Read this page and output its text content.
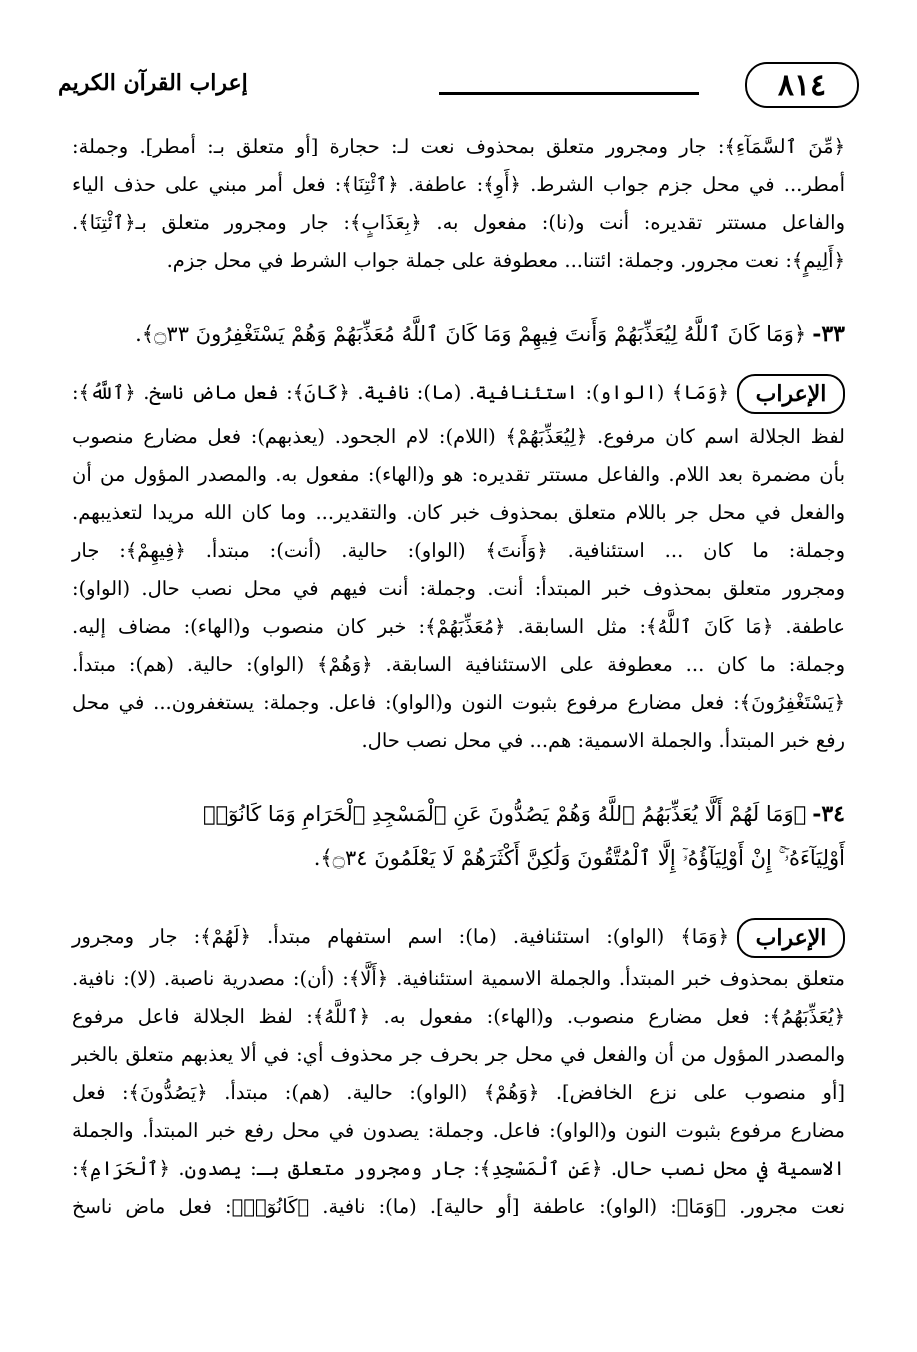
٨١٤
إعراب القرآن الكريم
﴿مِّنَ ٱلسَّمَآءِ﴾: جار ومجرور متعلق بمحذوف نعت لـ: حجارة [أو متعلق بـ: أمطر]. وجملة:
أمطر... في محل جزم جواب الشرط. ﴿أَوِ﴾: عاطفة. ﴿ٱئْتِنَا﴾: فعل أمر مبني على حذف الياء
والفاعل مستتر تقديره: أنت و(نا): مفعول به. ﴿بِعَذَابٍ﴾: جار ومجرور متعلق بـ﴿ٱئْتِنَا﴾.
﴿أَلِيمٍ﴾: نعت مجرور. وجملة: ائتنا... معطوفة على جملة جواب الشرط في محل جزم.
٣٣-
﴿وَمَا كَانَ ٱللَّهُ لِيُعَذِّبَهُمْ وَأَنتَ فِيهِمْ وَمَا كَانَ ٱللَّهُ مُعَذِّبَهُمْ وَهُمْ يَسْتَغْفِرُونَ ۝٣٣﴾.
الإعراب
﴿وَمَا﴾ (الواو): استئنافية. (ما): نافية. ﴿كَانَ﴾: فعل ماض ناسخ. ﴿ٱللَّهُ﴾:
لفظ الجلالة اسم كان مرفوع. ﴿لِيُعَذِّبَهُمْ﴾ (اللام): لام الجحود. (يعذبهم): فعل مضارع منصوب
بأن مضمرة بعد اللام. والفاعل مستتر تقديره: هو و(الهاء): مفعول به. والمصدر المؤول من أن
والفعل في محل جر باللام متعلق بمحذوف خبر كان. والتقدير... وما كان الله مريدا لتعذيبهم.
وجملة: ما كان ... استئنافية. ﴿وَأَنتَ﴾ (الواو): حالية. (أنت): مبتدأ. ﴿فِيهِمْ﴾: جار
ومجرور متعلق بمحذوف خبر المبتدأ: أنت. وجملة: أنت فيهم في محل نصب حال. (الواو):
عاطفة. ﴿مَا كَانَ ٱللَّهُ﴾: مثل السابقة. ﴿مُعَذِّبَهُمْ﴾: خبر كان منصوب و(الهاء): مضاف إليه.
وجملة: ما كان ... معطوفة على الاستئنافية السابقة. ﴿وَهُمْ﴾ (الواو): حالية. (هم): مبتدأ.
﴿يَسْتَغْفِرُونَ﴾: فعل مضارع مرفوع بثبوت النون و(الواو): فاعل. وجملة: يستغفرون... في محل
رفع خبر المبتدأ. والجملة الاسمية: هم... في محل نصب حال.
٣٤-
﴿وَمَا لَهُمْ أَلَّا يُعَذِّبَهُمُ ٱللَّهُ وَهُمْ يَصُدُّونَ عَنِ ٱلْمَسْجِدِ ٱلْحَرَامِ وَمَا كَانُوٓا۟
أَوْلِيَآءَهُۥٓ ۚ إِنْ أَوْلِيَآؤُهُۥٓ إِلَّا ٱلْمُتَّقُونَ وَلَٰكِنَّ أَكْثَرَهُمْ لَا يَعْلَمُونَ ۝٣٤﴾.
الإعراب
﴿وَمَا﴾ (الواو): استئنافية. (ما): اسم استفهام مبتدأ. ﴿لَهُمْ﴾: جار ومجرور
متعلق بمحذوف خبر المبتدأ. والجملة الاسمية استئنافية. ﴿أَلَّا﴾: (أن): مصدرية ناصبة. (لا): نافية.
﴿يُعَذِّبَهُمُ﴾: فعل مضارع منصوب. و(الهاء): مفعول به. ﴿ٱللَّهُ﴾: لفظ الجلالة فاعل مرفوع
والمصدر المؤول من أن والفعل في محل جر بحرف جر محذوف أي: في ألا يعذبهم متعلق بالخبر
[أو منصوب على نزع الخافض]. ﴿وَهُمْ﴾ (الواو): حالية. (هم): مبتدأ. ﴿يَصُدُّونَ﴾: فعل
مضارع مرفوع بثبوت النون و(الواو): فاعل. وجملة: يصدون في محل رفع خبر المبتدأ. والجملة
الاسمية في محل نصب حال. ﴿عَنِ ٱلْمَسْجِدِ﴾: جار ومجرور متعلق بـ: يصدون. ﴿ٱلْحَرَامِ﴾:
نعت مجرور. ﴿وَمَا﴾: (الواو): عاطفة [أو حالية]. (ما): نافية. ﴿كَانُوٓا۟﴾: فعل ماض ناسخ
